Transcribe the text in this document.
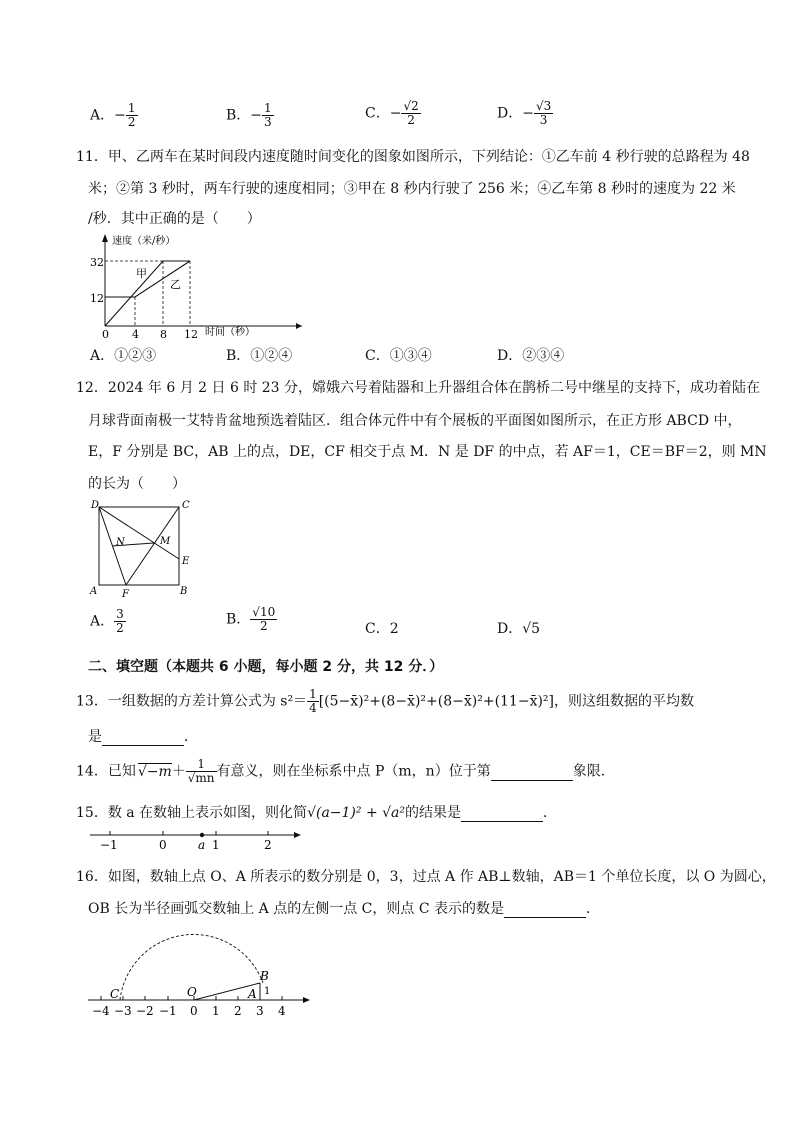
A．− $\frac{1}{2}$	B．− $\frac{1}{3}$	C．− $\frac{√2}{2}$	D．− $\frac{√3}{3}$
11．甲、乙两车在某时间段内速度随时间变化的图象如图所示，下列结论：①乙车前 4 秒行驶的总路程为 48
米；②第 3 秒时，两车行驶的速度相同；③甲在 8 秒内行驶了 256 米；④乙车第 8 秒时的速度为 22 米
/秒．其中正确的是（　　）
速度（米/秒）
时间（秒）
32
12
0 4 8 12
甲
乙
A．①②③	B．①②④	C．①③④	D．②③④
12．2024 年 6 月 2 日 6 时 23 分，嫦娥六号着陆器和上升器组合体在鹊桥二号中继星的支持下，成功着陆在
月球背面南极一艾特肯盆地预选着陆区．组合体元件中有个展板的平面图如图所示，在正方形 ABCD 中，
E，F 分别是 BC，AB 上的点，DE，CF 相交于点 M．N 是 DF 的中点，若 AF＝1，CE＝BF＝2，则 MN
的长为（　　）
D	C
N	M
E
A F	B
A． $\frac{3}{2}$	B． $\frac{√10}{2}$	C．2	D．√5
二、填空题（本题共 6 小题，每小题 2 分，共 12 分．）
13．一组数据的方差计算公式为 $s^2= \frac{1}{4}$ [(5−x̄)²+(8−x̄)²+(8−x̄)²+(11−x̄)²]，则这组数据的平均数
是	．
14．已知 $√-m+ \frac{1}{√mn}$ 有意义，则在坐标系中点 P（m，n）位于第	象限．
15．数 a 在数轴上表示如图，则化简√(a−1)² + √a²的结果是	．
−1	0	a 1	2
16．如图，数轴上点 O、A 所表示的数分别是 0，3，过点 A 作 AB⊥数轴，AB＝1 个单位长度，以 O 为圆心，
OB 长为半径画弧交数轴上 A 点的左侧一点 C，则点 C 表示的数是	．
−4 −3 −2 −1 0 1 2 3 4
C	O	A
B
1
